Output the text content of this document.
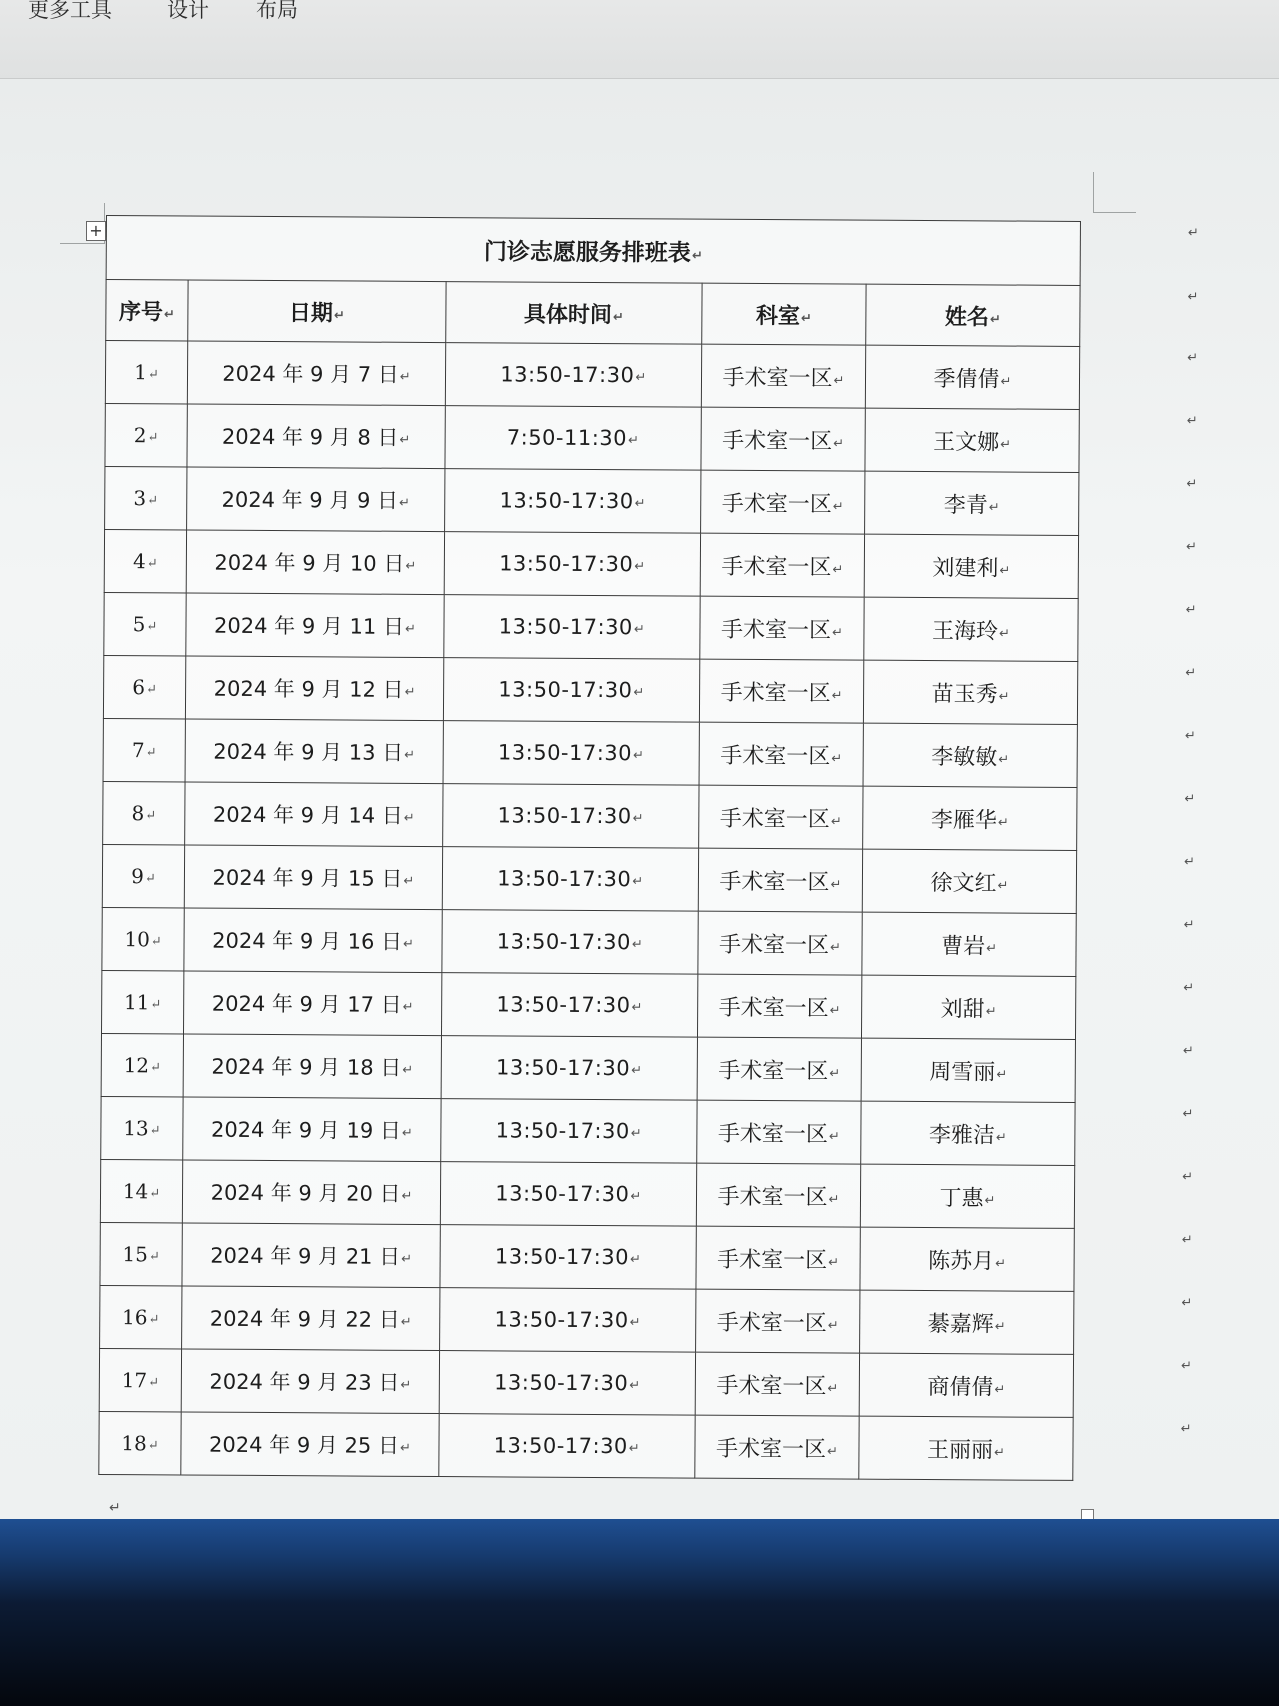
更多工具	设计 布局
+
门诊志愿服务排班表 ↵
序号 ↵	日期 ↵	具体时间 ↵	科室 ↵	姓名 ↵
1 ↵	2024 年 9 月 7 日 ↵	13:50-17:30 ↵	手术室一区 ↵	季倩倩 ↵
2 ↵	2024 年 9 月 8 日 ↵	7:50-11:30 ↵	手术室一区 ↵	王文娜 ↵
3 ↵	2024 年 9 月 9 日 ↵	13:50-17:30 ↵	手术室一区 ↵	李青 ↵
4 ↵	2024 年 9 月 10 日 ↵	13:50-17:30 ↵	手术室一区 ↵	刘建利 ↵
5 ↵	2024 年 9 月 11 日 ↵	13:50-17:30 ↵	手术室一区 ↵	王海玲 ↵
6 ↵	2024 年 9 月 12 日 ↵	13:50-17:30 ↵	手术室一区 ↵	苗玉秀 ↵
7 ↵	2024 年 9 月 13 日 ↵	13:50-17:30 ↵	手术室一区 ↵	李敏敏 ↵
8 ↵	2024 年 9 月 14 日 ↵	13:50-17:30 ↵	手术室一区 ↵	李雁华 ↵
9 ↵	2024 年 9 月 15 日 ↵	13:50-17:30 ↵	手术室一区 ↵	徐文红 ↵
10 ↵	2024 年 9 月 16 日 ↵	13:50-17:30 ↵	手术室一区 ↵	曹岩 ↵
11 ↵	2024 年 9 月 17 日 ↵	13:50-17:30 ↵	手术室一区 ↵	刘甜 ↵
12 ↵	2024 年 9 月 18 日 ↵	13:50-17:30 ↵	手术室一区 ↵	周雪丽 ↵
13 ↵	2024 年 9 月 19 日 ↵	13:50-17:30 ↵	手术室一区 ↵	李雅洁 ↵
14 ↵	2024 年 9 月 20 日 ↵	13:50-17:30 ↵	手术室一区 ↵	丁惠 ↵
15 ↵	2024 年 9 月 21 日 ↵	13:50-17:30 ↵	手术室一区 ↵	陈苏月 ↵
16 ↵	2024 年 9 月 22 日 ↵	13:50-17:30 ↵	手术室一区 ↵	綦嘉辉 ↵
17 ↵	2024 年 9 月 23 日 ↵	13:50-17:30 ↵	手术室一区 ↵	商倩倩 ↵
18 ↵	2024 年 9 月 25 日 ↵	13:50-17:30 ↵	手术室一区 ↵	王丽丽 ↵
↵
↵
↵
↵
↵
↵
↵
↵
↵
↵
↵
↵
↵
↵
↵
↵
↵
↵
↵
↵
↵
